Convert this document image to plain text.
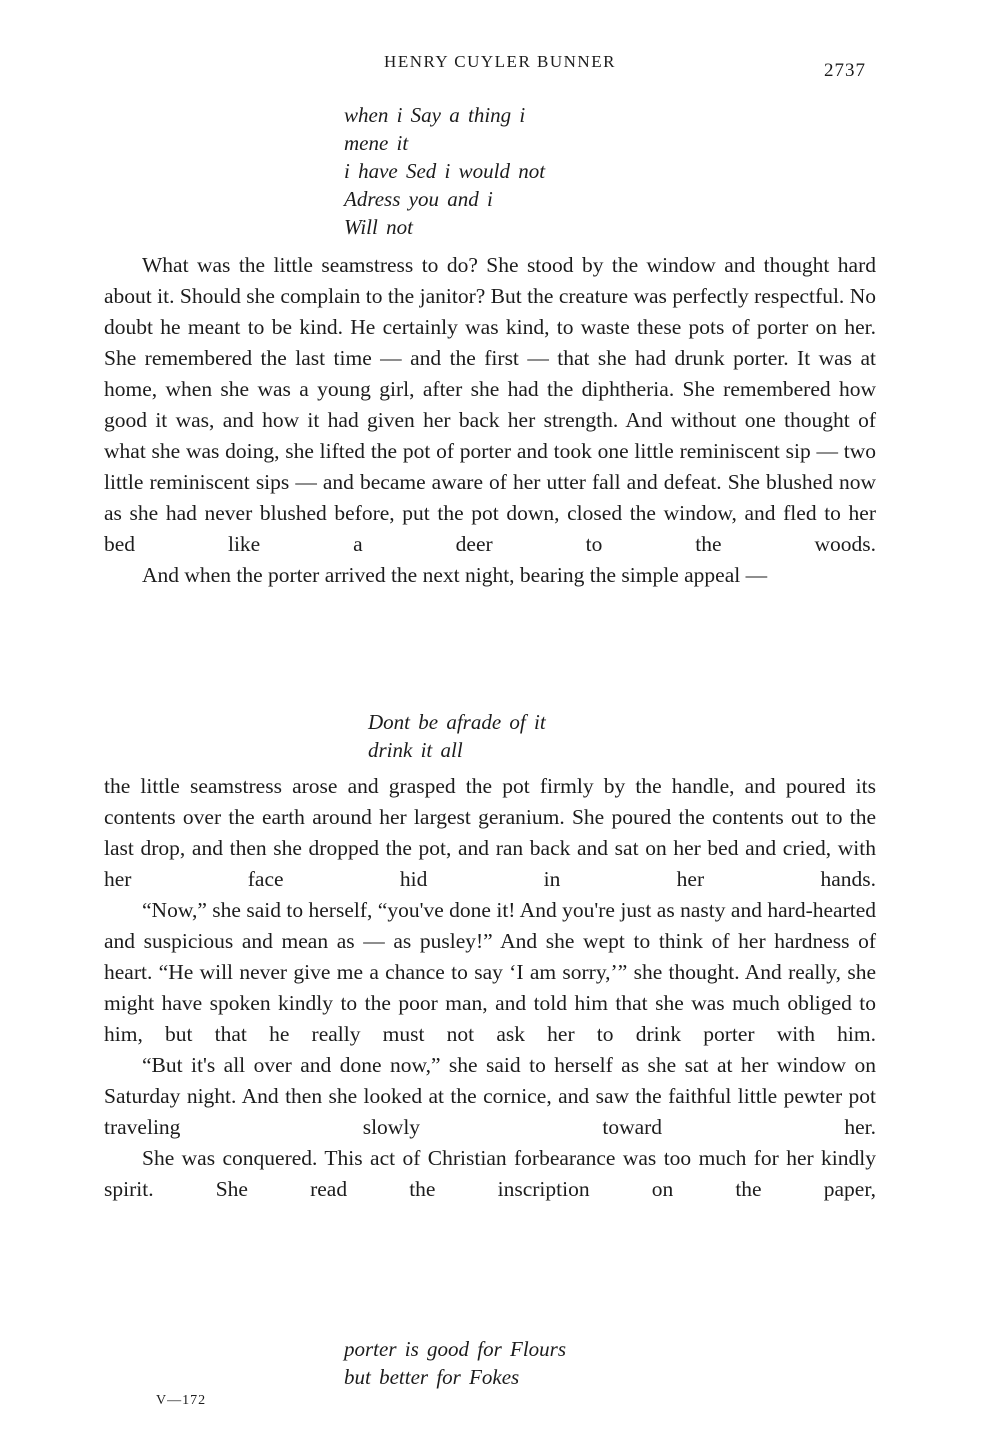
HENRY CUYLER BUNNER	2737
when i Say a thing i
mene it
i have Sed i would not
Adress you and i
Will not
What was the little seamstress to do? She stood by the window and thought hard about it. Should she complain to the janitor? But the creature was perfectly respectful. No doubt he meant to be kind. He certainly was kind, to waste these pots of porter on her. She remembered the last time — and the first — that she had drunk porter. It was at home, when she was a young girl, after she had the diphtheria. She remembered how good it was, and how it had given her back her strength. And without one thought of what she was doing, she lifted the pot of porter and took one little reminiscent sip — two little reminiscent sips — and became aware of her utter fall and defeat. She blushed now as she had never blushed before, put the pot down, closed the window, and fled to her bed like a deer to the woods.
And when the porter arrived the next night, bearing the simple appeal —
Dont be afrade of it
drink it all
the little seamstress arose and grasped the pot firmly by the handle, and poured its contents over the earth around her largest geranium. She poured the contents out to the last drop, and then she dropped the pot, and ran back and sat on her bed and cried, with her face hid in her hands.
“Now,” she said to herself, “you've done it! And you're just as nasty and hard-hearted and suspicious and mean as — as pusley!” And she wept to think of her hardness of heart. “He will never give me a chance to say ‘I am sorry,’” she thought. And really, she might have spoken kindly to the poor man, and told him that she was much obliged to him, but that he really must not ask her to drink porter with him.
“But it's all over and done now,” she said to herself as she sat at her window on Saturday night. And then she looked at the cornice, and saw the faithful little pewter pot traveling slowly toward her.
She was conquered. This act of Christian forbearance was too much for her kindly spirit. She read the inscription on the paper,
porter is good for Flours
but better for Fokes
V—172
